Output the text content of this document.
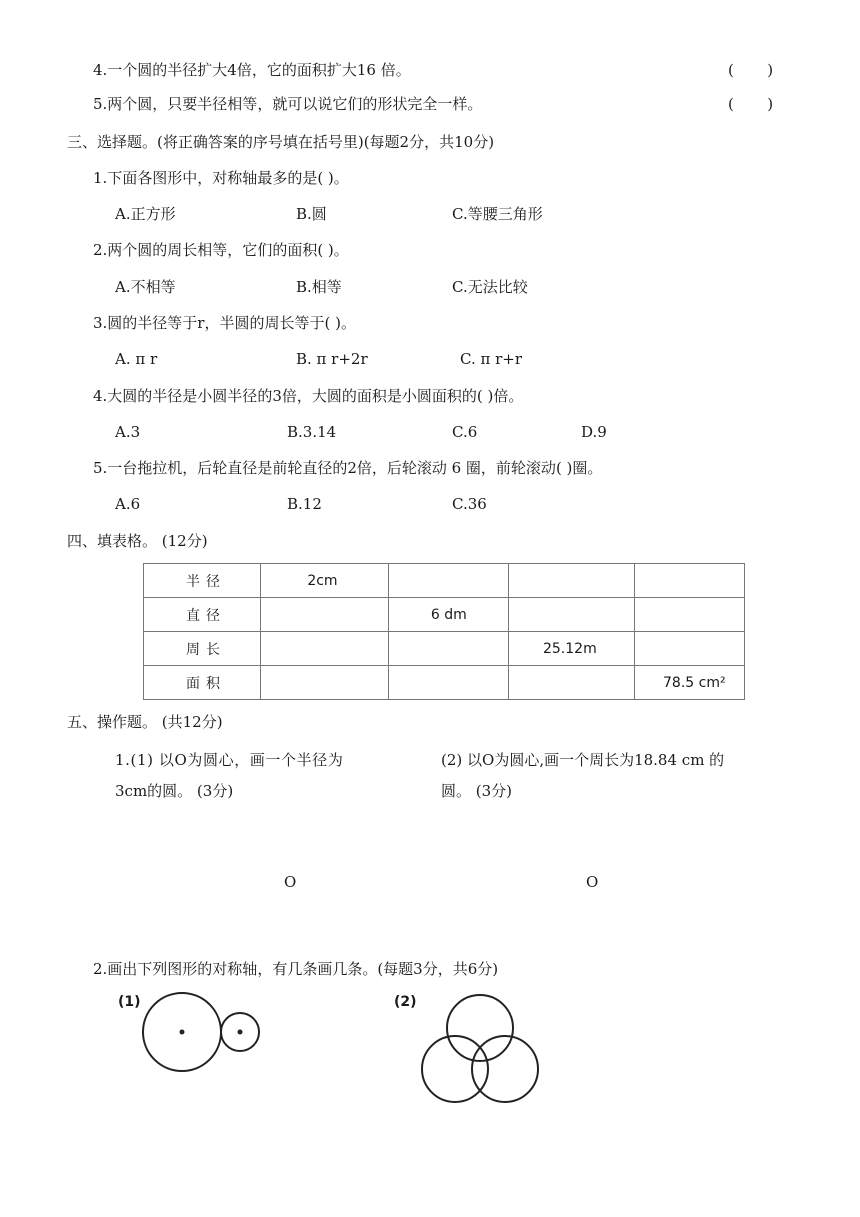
4.一个圆的半径扩大4倍，它的面积扩大16 倍。	(       )
5.两个圆，只要半径相等，就可以说它们的形状完全一样。	(       )
三、选择题。(将正确答案的序号填在括号里)(每题2分，共10分)
1.下面各图形中，对称轴最多的是( )。
A.正方形	B.圆	C.等腰三角形
2.两个圆的周长相等，它们的面积( )。
A.不相等	B.相等	C.无法比较
3.圆的半径等于r，半圆的周长等于( )。
A. π r	B. π r+2r	C. π r+r
4.大圆的半径是小圆半径的3倍，大圆的面积是小圆面积的( )倍。
A.3	B.3.14	C.6	D.9
5.一台拖拉机，后轮直径是前轮直径的2倍，后轮滚动 6 圈，前轮滚动( )圈。
A.6	B.12	C.36
四、填表格。 (12分)
半径	2cm			
直径		6 dm		
周长			25.12m	
面积				78.5 cm²
五、操作题。 (共12分)
1.(1) 以O为圆心，画一个半径为
3cm的圆。 (3分)
(2) 以O为圆心,画一个周长为18.84 cm 的
圆。 (3分)
O	O
2.画出下列图形的对称轴，有几条画几条。(每题3分，共6分)
(1)	(2)
